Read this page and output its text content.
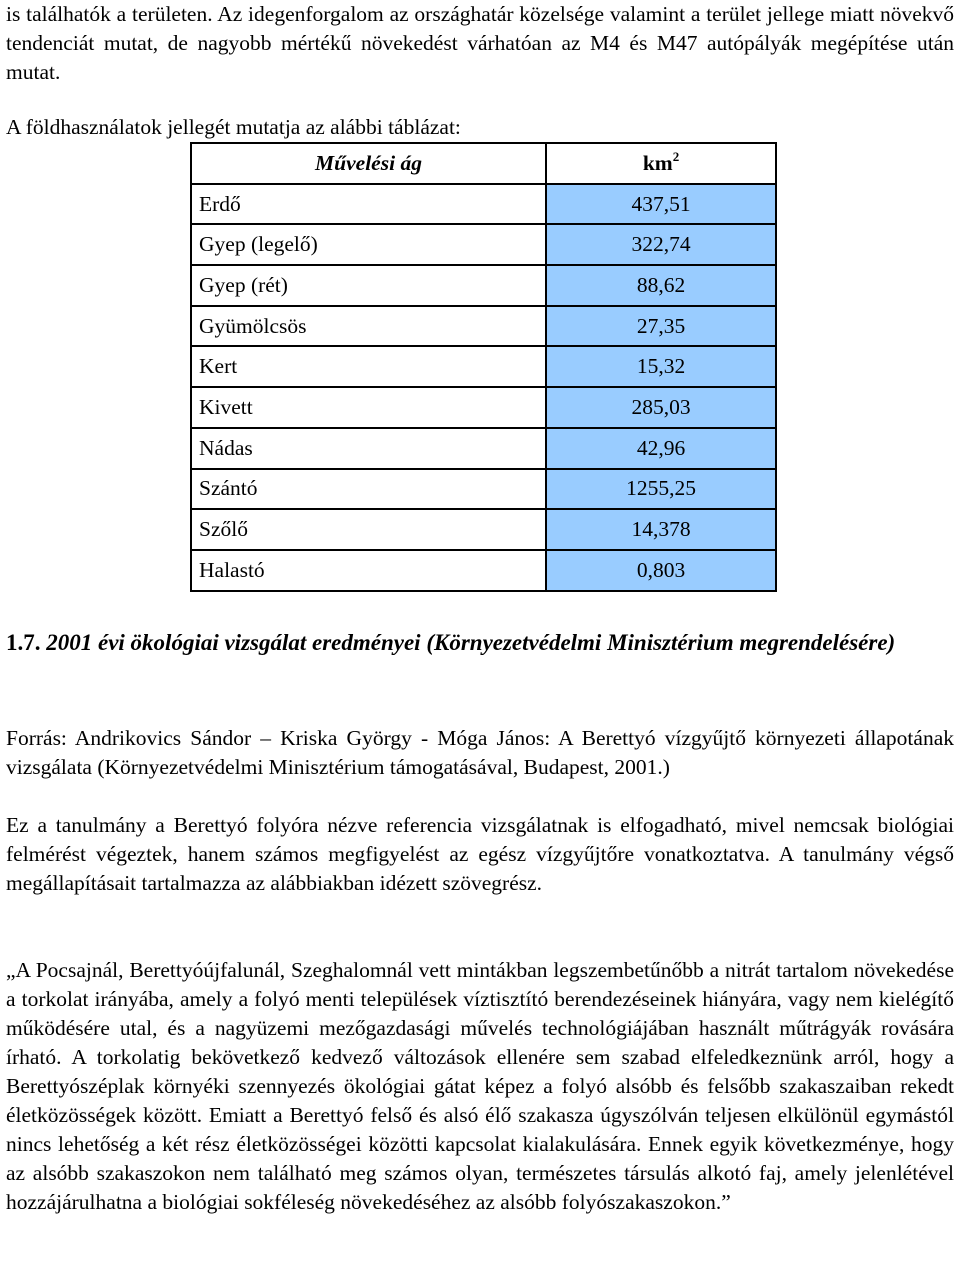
is találhatók a területen. Az idegenforgalom az országhatár közelsége valamint a terület jellege miatt növekvő tendenciát mutat, de nagyobb mértékű növekedést várhatóan az M4 és M47 autópályák megépítése után mutat.

A földhasználatok jellegét mutatja az alábbi táblázat:
Művelési ág	$km^2$
Erdő	437,51
Gyep (legelő)	322,74
Gyep (rét)	88,62
Gyümölcsös	27,35
Kert	15,32
Kivett	285,03
Nádas	42,96
Szántó	1255,25
Szőlő	14,378
Halastó	0,803
1.7. 2001 évi ökológiai vizsgálat eredményei (Környezetvédelmi Minisztérium megrendelésére)

Forrás: Andrikovics Sándor – Kriska György - Móga János: A Berettyó vízgyűjtő környezeti állapotának vizsgálata (Környezetvédelmi Minisztérium támogatásával, Budapest, 2001.)

Ez a tanulmány a Berettyó folyóra nézve referencia vizsgálatnak is elfogadható, mivel nemcsak biológiai felmérést végeztek, hanem számos megfigyelést az egész vízgyűjtőre vonatkoztatva. A tanulmány végső megállapításait tartalmazza az alábbiakban idézett szövegrész.

„A Pocsajnál, Berettyóújfalunál, Szeghalomnál vett mintákban legszembetűnőbb a nitrát tartalom növekedése a torkolat irányába, amely a folyó menti települések víztisztító berendezéseinek hiányára, vagy nem kielégítő működésére utal, és a nagyüzemi mezőgazdasági művelés technológiájában használt műtrágyák rovására írható. A torkolatig bekövetkező kedvező változások ellenére sem szabad elfeledkeznünk arról, hogy a Berettyószéplak környéki szennyezés ökológiai gátat képez a folyó alsóbb és felsőbb szakaszaiban rekedt életközösségek között. Emiatt a Berettyó felső és alsó élő szakasza úgyszólván teljesen elkülönül egymástól nincs lehetőség a két rész életközösségei közötti kapcsolat kialakulására. Ennek egyik következménye, hogy az alsóbb szakaszokon nem található meg számos olyan, természetes társulás alkotó faj, amely jelenlétével hozzájárulhatna a biológiai sokféleség növekedéséhez az alsóbb folyószakaszokon.”
